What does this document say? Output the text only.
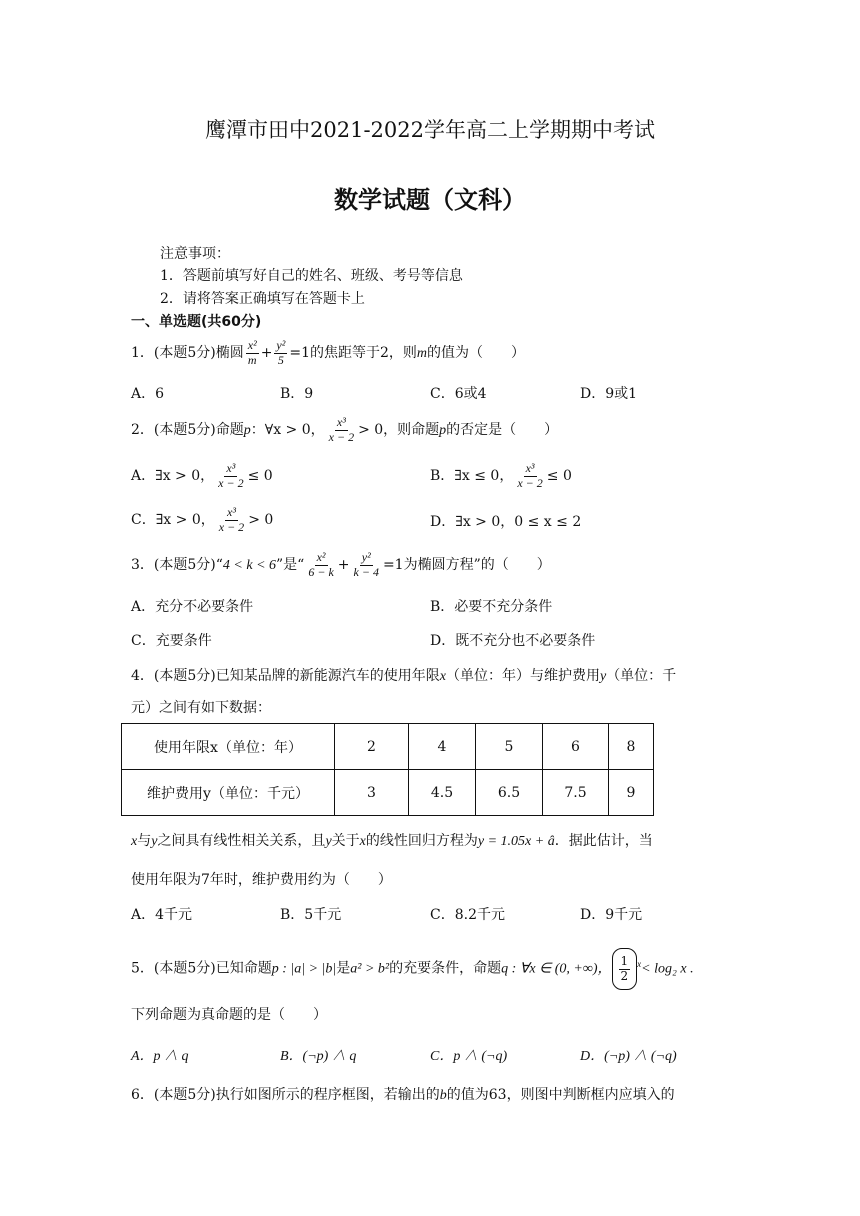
鹰潭市田中2021-2022学年高二上学期期中考试
数学试题（文科）
注意事项：
1．答题前填写好自己的姓名、班级、考号等信息
2．请将答案正确填写在答题卡上
一、单选题(共60分)
1．(本题5分)椭圆 $\frac{\text{x²}}{m} + \frac{\text{y²}}{5} =1$的焦距等于2，则m的值为（　　）
A．6	B．9	C．6或4	D．9或1
2．(本题5分)命题p：∀x > 0， $\frac{\text{x³}}{x - 2} > 0$，则命题p的否定是（　　）
A．∃x > 0， $\frac{\text{x³}}{x - 2} \le 0$	B．∃x ≤ 0， $\frac{\text{x³}}{x - 2} \le 0$
C．∃x > 0， $\frac{\text{x³}}{x - 2} > 0$	D．∃x > 0，0 ≤ x ≤ 2
3．(本题5分)“4 < k < 6”是“ $\frac{\text{x²}}{6 - k} + \frac{\text{y²}}{k - 4} =1$为椭圆方程”的（　　）
A．充分不必要条件	B．必要不充分条件
C．充要条件	D．既不充分也不必要条件
4．(本题5分)已知某品牌的新能源汽车的使用年限x（单位：年）与维护费用y（单位：千
元）之间有如下数据：
使用年限x（单位：年）	2	4	5	6	8
维护费用y（单位：千元）	3	4.5	6.5	7.5	9
x与y之间具有线性相关关系，且y关于x的线性回归方程为y = 1.05x + â．据此估计，当
使用年限为7年时，维护费用约为（　　）
A．4千元	B．5千元	C．8.2千元	D．9千元
5．(本题5分)已知命题p : |a| > |b|是a² > b²的充要条件，命题q : ∀x ∈ (0, +∞)， $\frac{1}{2} ^x< \log_2$ x .
下列命题为真命题的是（　　）
A．p ∧ q	B．(¬p) ∧ q	C．p ∧ (¬q)	D．(¬p) ∧ (¬q)
6．(本题5分)执行如图所示的程序框图，若输出的b的值为63，则图中判断框内应填入的
